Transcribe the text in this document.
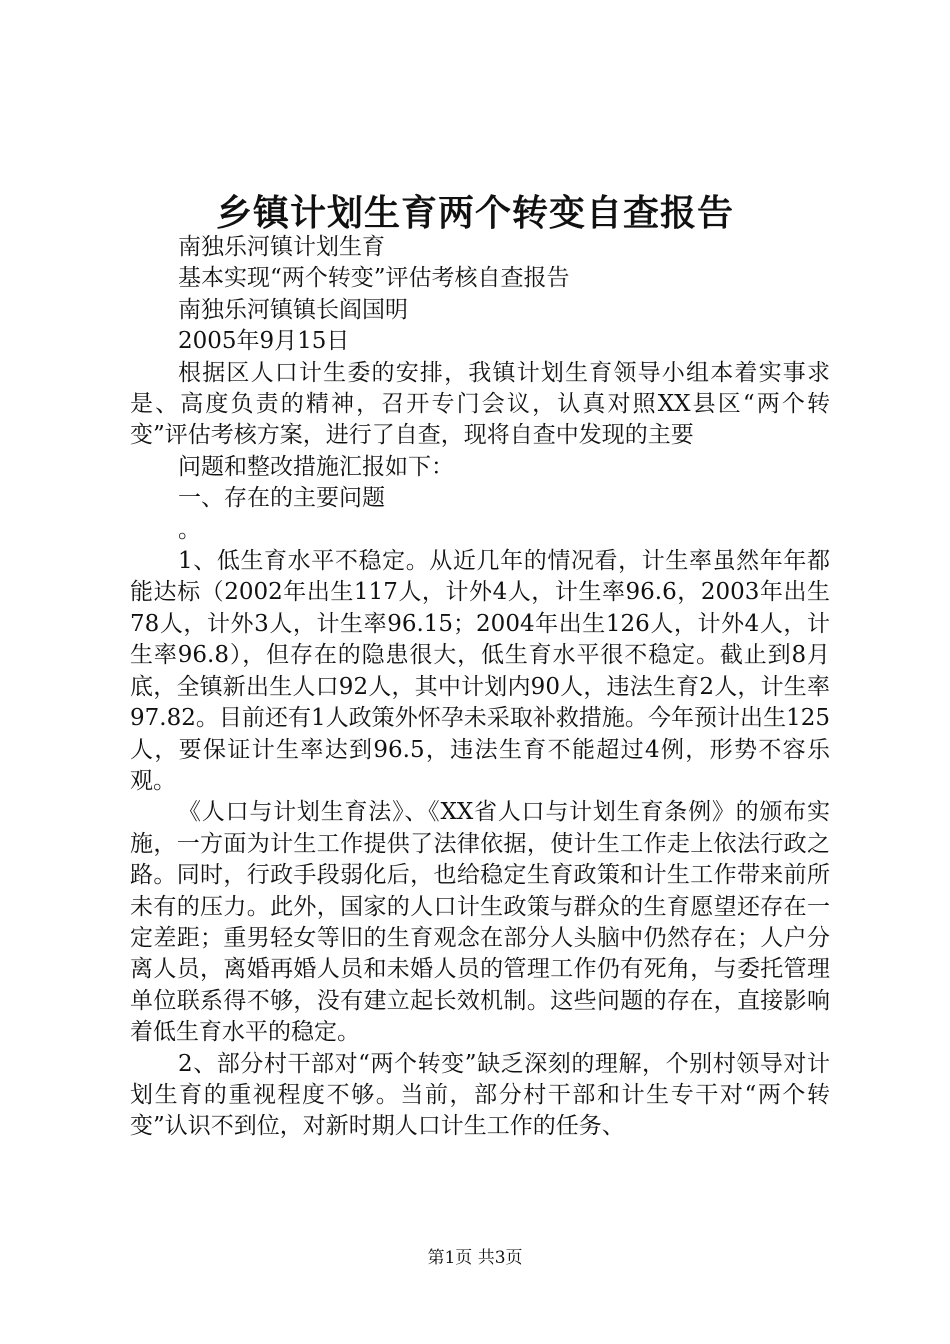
乡镇计划生育两个转变自查报告

南独乐河镇计划生育

基本实现“两个转变”评估考核自查报告

南独乐河镇镇长阎国明

2005年9月15日

根据区人口计生委的安排，我镇计划生育领导小组本着实事求是、高度负责的精神，召开专门会议，认真对照XX县区“两个转变”评估考核方案，进行了自查，现将自查中发现的主要

问题和整改措施汇报如下：

一、存在的主要问题

。

1、低生育水平不稳定。从近几年的情况看，计生率虽然年年都能达标（2002年出生117人，计外4人，计生率96.6，2003年出生78人，计外3人，计生率96.15；2004年出生126人，计外4人，计生率96.8），但存在的隐患很大，低生育水平很不稳定。截止到8月底，全镇新出生人口92人，其中计划内90人，违法生育2人，计生率97.82。目前还有1人政策外怀孕未采取补救措施。今年预计出生125人，要保证计生率达到96.5，违法生育不能超过4例，形势不容乐观。

《人口与计划生育法》、《XX省人口与计划生育条例》的颁布实施，一方面为计生工作提供了法律依据，使计生工作走上依法行政之路。同时，行政手段弱化后，也给稳定生育政策和计生工作带来前所未有的压力。此外，国家的人口计生政策与群众的生育愿望还存在一定差距；重男轻女等旧的生育观念在部分人头脑中仍然存在；人户分离人员，离婚再婚人员和未婚人员的管理工作仍有死角，与委托管理单位联系得不够，没有建立起长效机制。这些问题的存在，直接影响着低生育水平的稳定。

2、部分村干部对“两个转变”缺乏深刻的理解，个别村领导对计划生育的重视程度不够。当前，部分村干部和计生专干对“两个转变”认识不到位，对新时期人口计生工作的任务、

第1页 共3页
